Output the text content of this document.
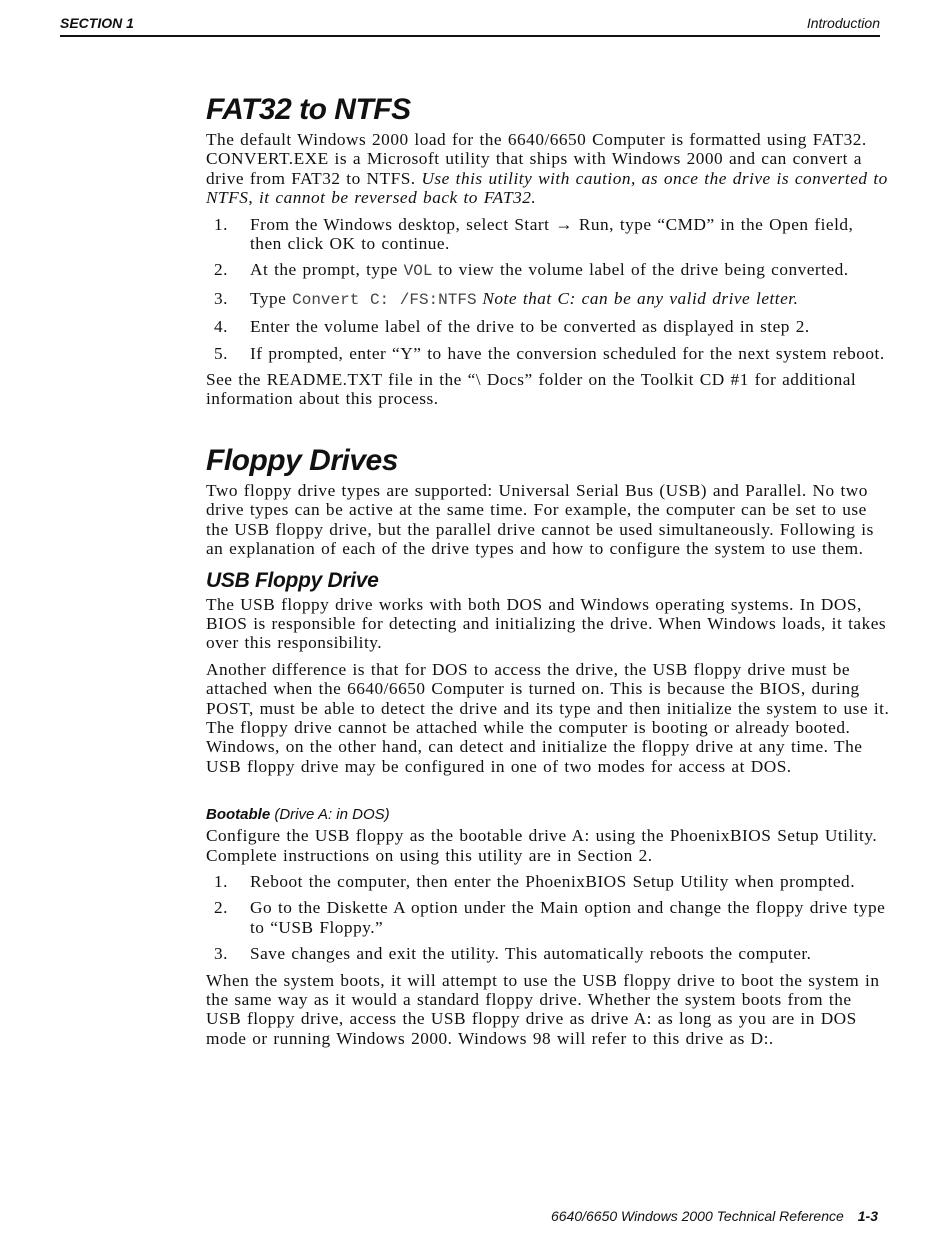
SECTION 1	Introduction
FAT32 to NTFS

The default Windows 2000 load for the 6640/6650 Computer is formatted using FAT32. CONVERT.EXE is a Microsoft utility that ships with Windows 2000 and can convert a drive from FAT32 to NTFS. Use this utility with caution, as once the drive is converted to NTFS, it cannot be reversed back to FAT32.

1. From the Windows desktop, select Start → Run, type “CMD” in the Open field, then click OK to continue.
2. At the prompt, type VOL to view the volume label of the drive being converted.
3. Type Convert C: /FS:NTFS Note that C: can be any valid drive letter.
4. Enter the volume label of the drive to be converted as displayed in step 2.
5. If prompted, enter “Y” to have the conversion scheduled for the next system reboot.

See the README.TXT file in the “\ Docs” folder on the Toolkit CD #1 for additional information about this process.

Floppy Drives

Two floppy drive types are supported: Universal Serial Bus (USB) and Parallel. No two drive types can be active at the same time. For example, the computer can be set to use the USB floppy drive, but the parallel drive cannot be used simultaneously. Following is an explanation of each of the drive types and how to configure the system to use them.

USB Floppy Drive

The USB floppy drive works with both DOS and Windows operating systems. In DOS, BIOS is responsible for detecting and initializing the drive. When Windows loads, it takes over this responsibility.

Another difference is that for DOS to access the drive, the USB floppy drive must be attached when the 6640/6650 Computer is turned on. This is because the BIOS, during POST, must be able to detect the drive and its type and then initialize the system to use it. The floppy drive cannot be attached while the computer is booting or already booted. Windows, on the other hand, can detect and initialize the floppy drive at any time. The USB floppy drive may be configured in one of two modes for access at DOS.

Bootable (Drive A: in DOS)

Configure the USB floppy as the bootable drive A: using the PhoenixBIOS Setup Utility. Complete instructions on using this utility are in Section 2.

1. Reboot the computer, then enter the PhoenixBIOS Setup Utility when prompted.
2. Go to the Diskette A option under the Main option and change the floppy drive type to “USB Floppy.”
3. Save changes and exit the utility. This automatically reboots the computer.

When the system boots, it will attempt to use the USB floppy drive to boot the system in the same way as it would a standard floppy drive. Whether the system boots from the USB floppy drive, access the USB floppy drive as drive A: as long as you are in DOS mode or running Windows 2000. Windows 98 will refer to this drive as D:.

6640/6650 Windows 2000 Technical Reference 1-3
